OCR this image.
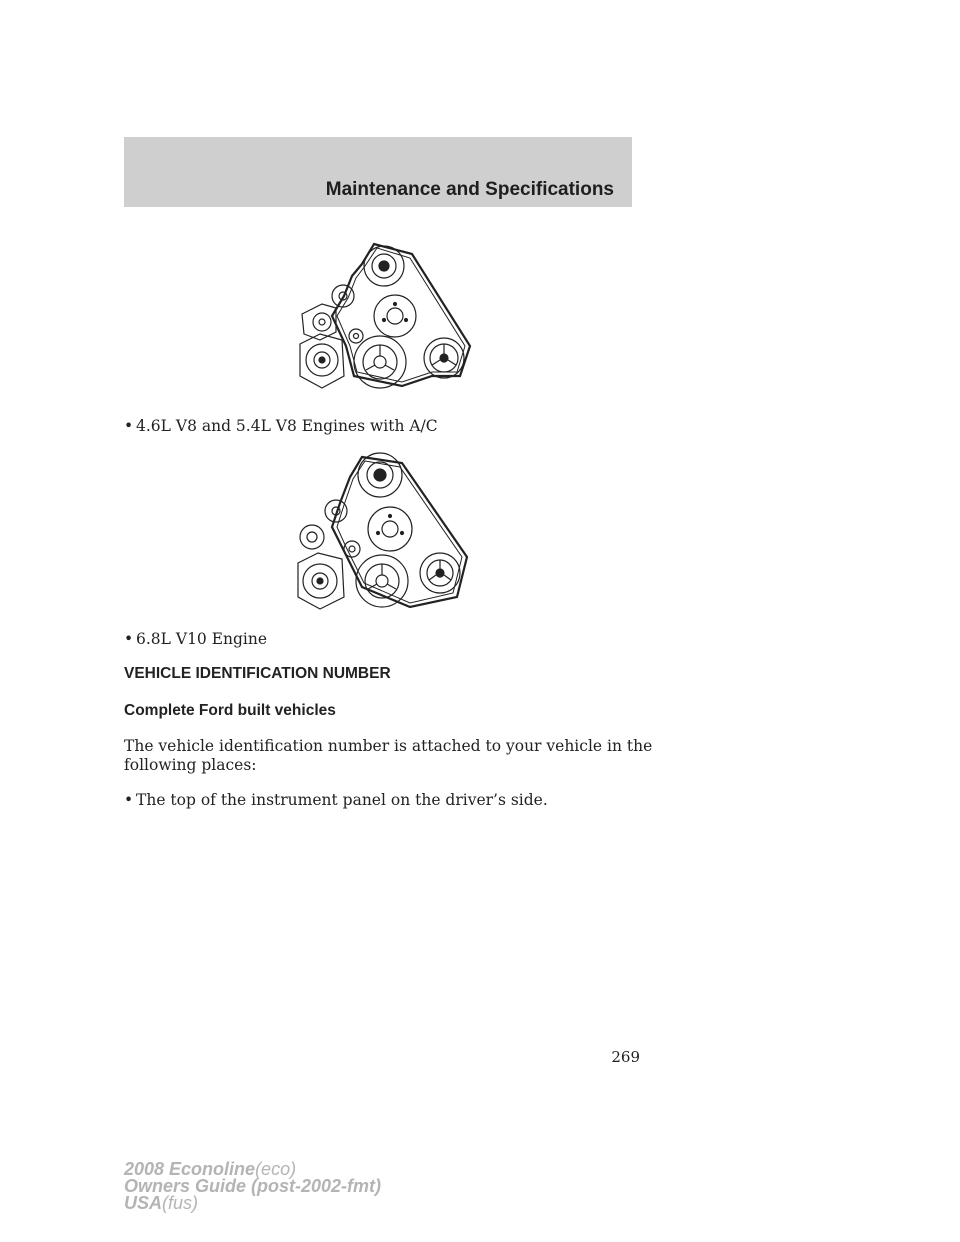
Maintenance and Specifications
• 4.6L V8 and 5.4L V8 Engines with A/C
• 6.8L V10 Engine
VEHICLE IDENTIFICATION NUMBER
Complete Ford built vehicles
The vehicle identification number is attached to your vehicle in the
following places:
• The top of the instrument panel on the driver’s side.
269
2008 Econoline(eco)
Owners Guide (post-2002-fmt)
USA(fus)
